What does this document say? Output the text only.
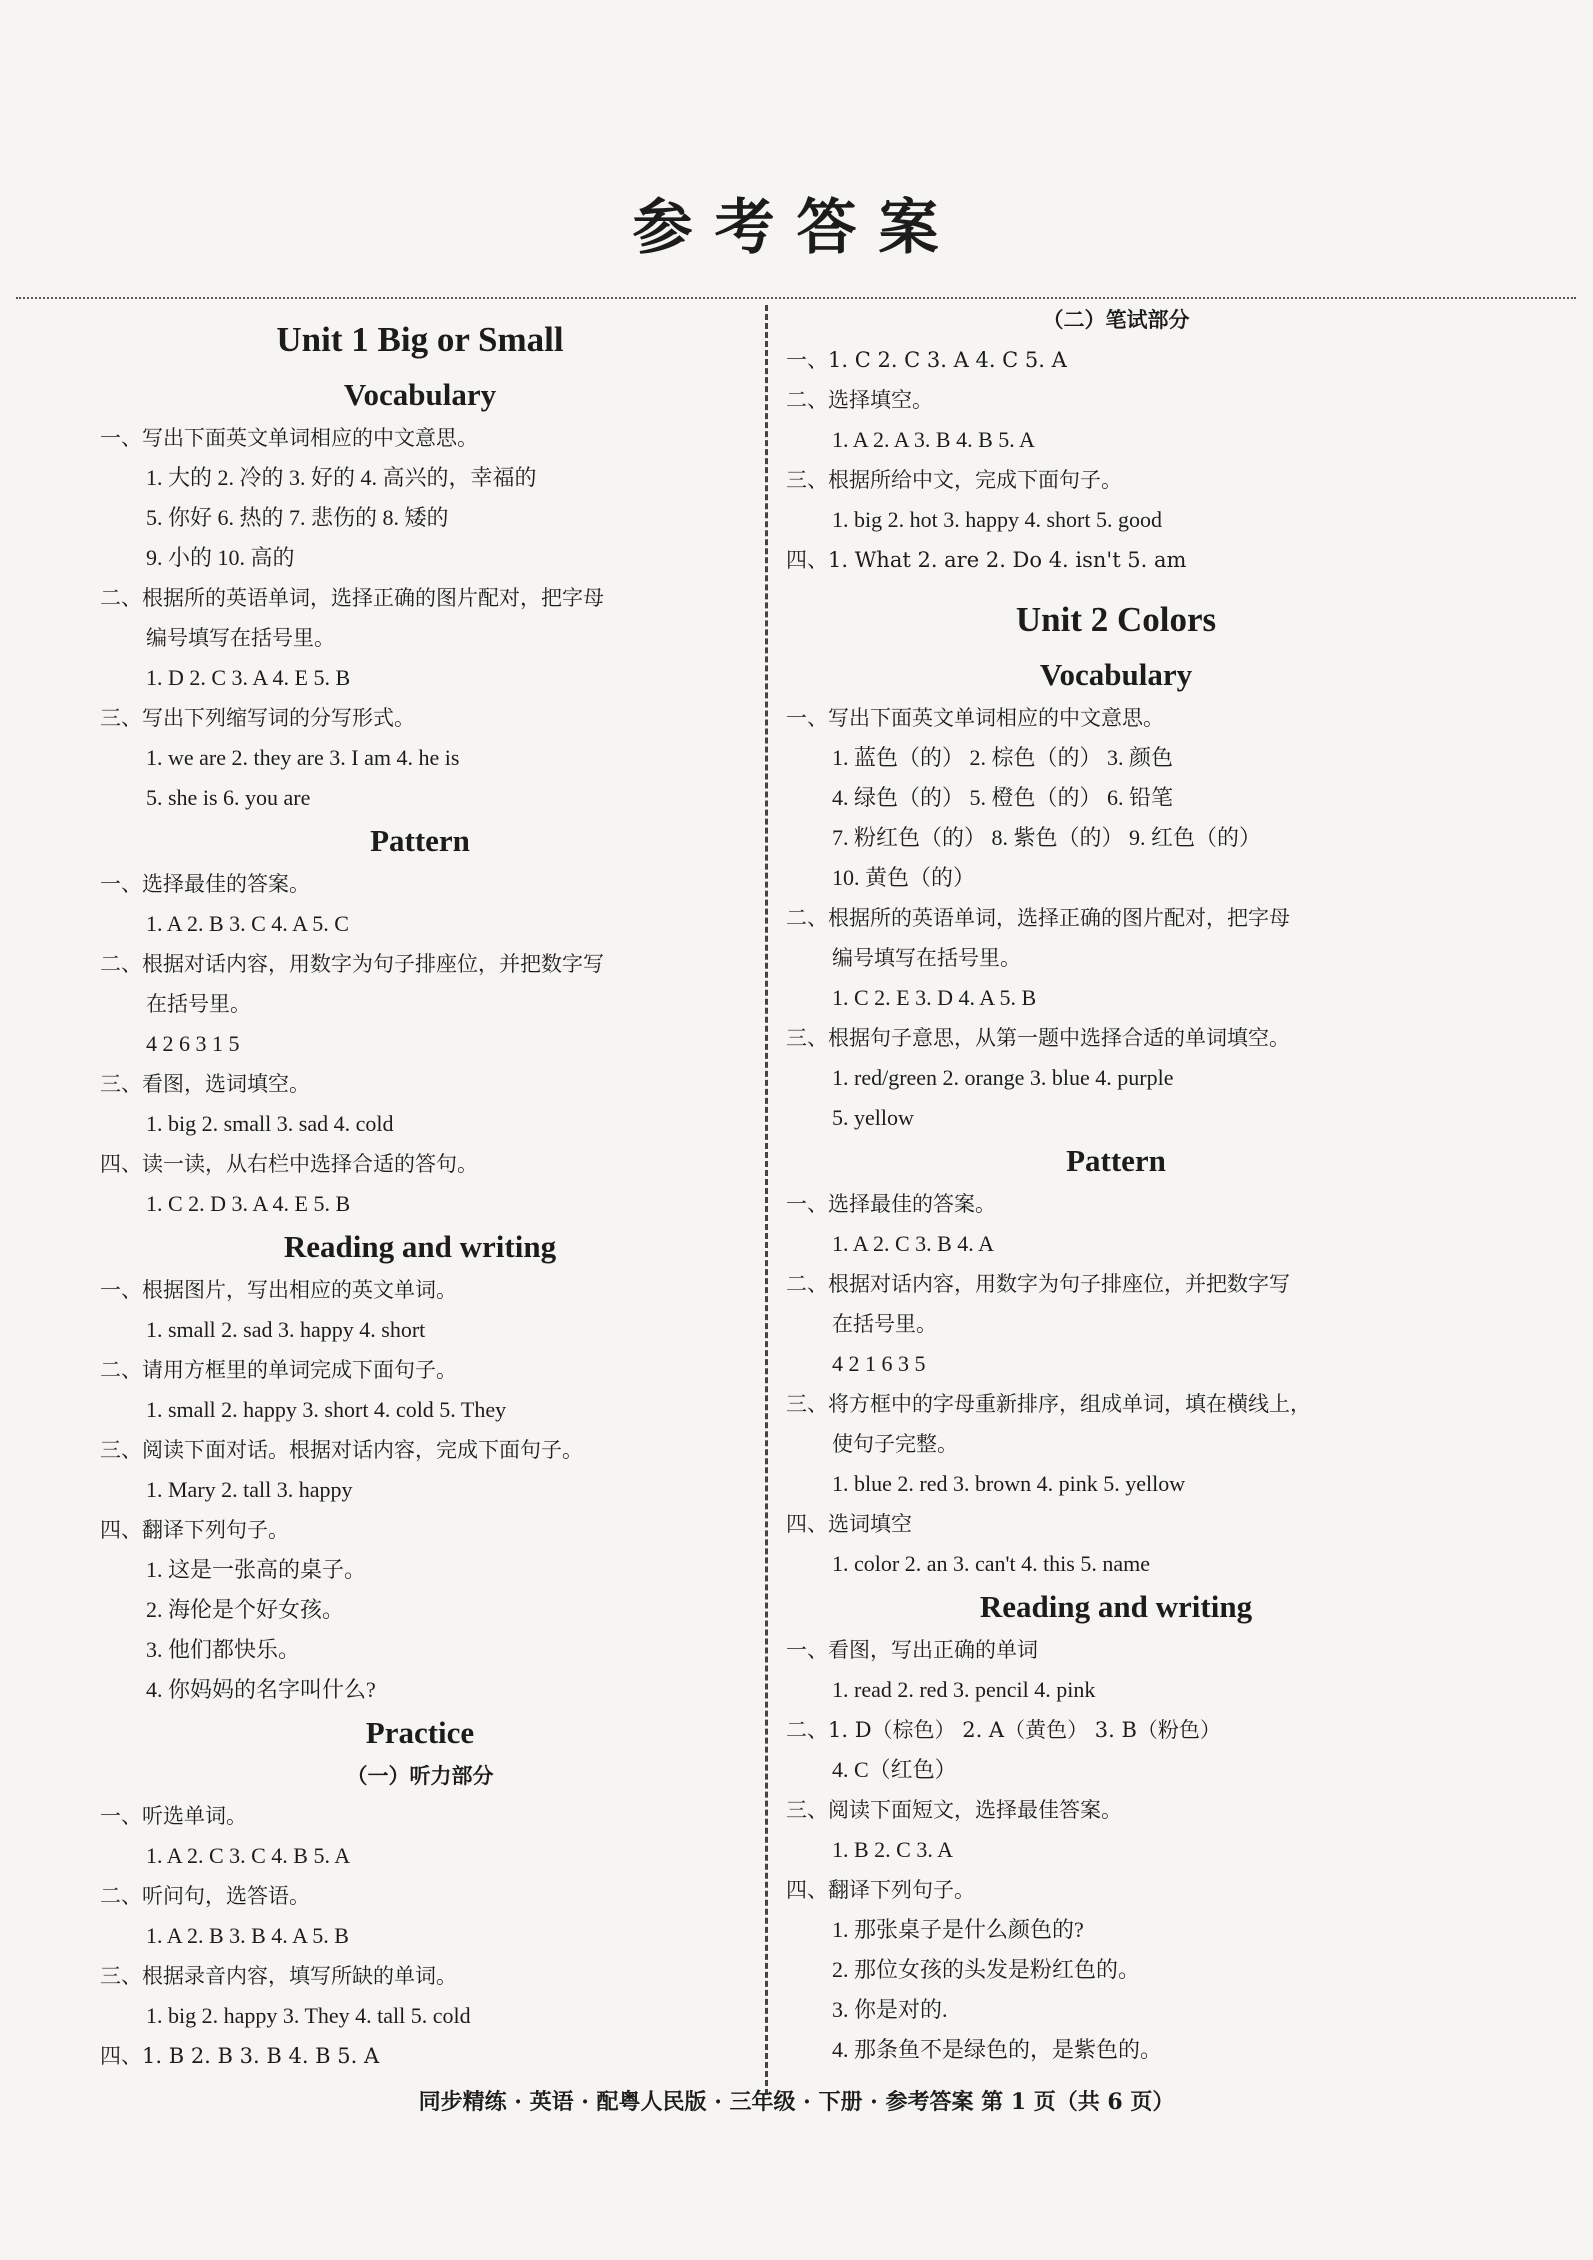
参考答案
Unit 1 Big or Small
Vocabulary
一、写出下面英文单词相应的中文意思。
1. 大的 2. 冷的 3. 好的 4. 高兴的，幸福的
5. 你好 6. 热的 7. 悲伤的 8. 矮的
9. 小的 10. 高的
二、根据所的英语单词，选择正确的图片配对，把字母
编号填写在括号里。
1. D 2. C 3. A 4. E 5. B
三、写出下列缩写词的分写形式。
1. we are 2. they are 3. I am 4. he is
5. she is 6. you are
Pattern
一、选择最佳的答案。
1. A 2. B 3. C 4. A 5. C
二、根据对话内容，用数字为句子排座位，并把数字写
在括号里。
4 2 6 3 1 5
三、看图，选词填空。
1. big 2. small 3. sad 4. cold
四、读一读，从右栏中选择合适的答句。
1. C 2. D 3. A 4. E 5. B
Reading and writing
一、根据图片，写出相应的英文单词。
1. small 2. sad 3. happy 4. short
二、请用方框里的单词完成下面句子。
1. small 2. happy 3. short 4. cold 5. They
三、阅读下面对话。根据对话内容，完成下面句子。
1. Mary 2. tall 3. happy
四、翻译下列句子。
1. 这是一张高的桌子。
2. 海伦是个好女孩。
3. 他们都快乐。
4. 你妈妈的名字叫什么?
Practice
（一）听力部分
一、听选单词。
1. A 2. C 3. C 4. B 5. A
二、听问句，选答语。
1. A 2. B 3. B 4. A 5. B
三、根据录音内容，填写所缺的单词。
1. big 2. happy 3. They 4. tall 5. cold
四、1. B 2. B 3. B 4. B 5. A
（二）笔试部分
一、1. C 2. C 3. A 4. C 5. A
二、选择填空。
1. A 2. A 3. B 4. B 5. A
三、根据所给中文，完成下面句子。
1. big 2. hot 3. happy 4. short 5. good
四、1. What 2. are 2. Do 4. isn't 5. am
Unit 2 Colors
Vocabulary
一、写出下面英文单词相应的中文意思。
1. 蓝色（的） 2. 棕色（的） 3. 颜色
4. 绿色（的） 5. 橙色（的） 6. 铅笔
7. 粉红色（的） 8. 紫色（的） 9. 红色（的）
10. 黄色（的）
二、根据所的英语单词，选择正确的图片配对，把字母
编号填写在括号里。
1. C 2. E 3. D 4. A 5. B
三、根据句子意思，从第一题中选择合适的单词填空。
1. red/green 2. orange 3. blue 4. purple
5. yellow
Pattern
一、选择最佳的答案。
1. A 2. C 3. B 4. A
二、根据对话内容，用数字为句子排座位，并把数字写
在括号里。
4 2 1 6 3 5
三、将方框中的字母重新排序，组成单词，填在横线上，
使句子完整。
1. blue 2. red 3. brown 4. pink 5. yellow
四、选词填空
1. color 2. an 3. can't 4. this 5. name
Reading and writing
一、看图，写出正确的单词
1. read 2. red 3. pencil 4. pink
二、1. D（棕色） 2. A（黄色） 3. B（粉色）
4. C（红色）
三、阅读下面短文，选择最佳答案。
1. B 2. C 3. A
四、翻译下列句子。
1. 那张桌子是什么颜色的?
2. 那位女孩的头发是粉红色的。
3. 你是对的.
4. 那条鱼不是绿色的，是紫色的。
同步精练 · 英语 · 配粤人民版 · 三年级 · 下册 · 参考答案 第 1 页（共 6 页）
